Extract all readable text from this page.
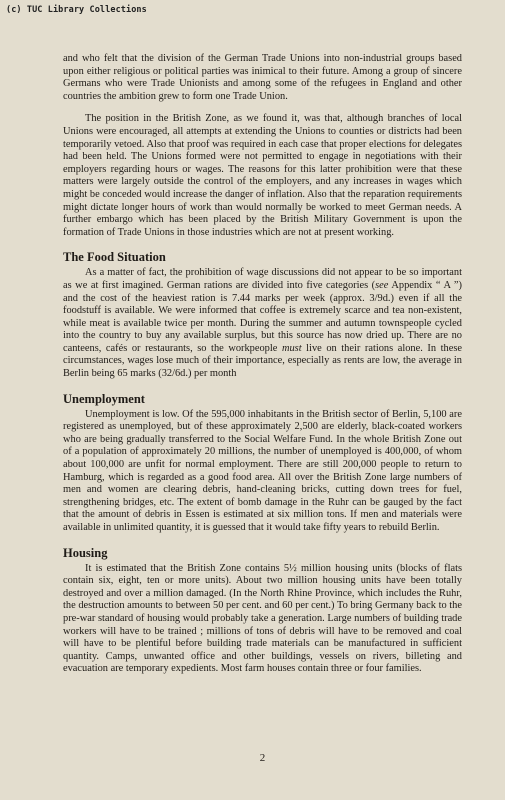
(c) TUC Library Collections

and who felt that the division of the German Trade Unions into non-industrial groups based upon either religious or political parties was inimical to their future. Among a group of sincere Germans who were Trade Unionists and among some of the refugees in England and other countries the ambition grew to form one Trade Union.

The position in the British Zone, as we found it, was that, although branches of local Unions were encouraged, all attempts at extending the Unions to counties or districts had been temporarily vetoed. Also that proof was required in each case that proper elections for delegates had been held. The Unions formed were not permitted to engage in negotiations with their employers regarding hours or wages. The reasons for this latter prohibition were that these matters were largely outside the control of the employers, and any increases in wages which might be conceded would increase the danger of inflation. Also that the reparation requirements might dictate longer hours of work than would normally be worked to meet German needs. A further embargo which has been placed by the British Military Government is upon the formation of Trade Unions in those industries which are not at present working.

The Food Situation

As a matter of fact, the prohibition of wage discussions did not appear to be so important as we at first imagined. German rations are divided into five categories (see Appendix “ A ”) and the cost of the heaviest ration is 7.44 marks per week (approx. 3/9d.) even if all the foodstuff is available. We were informed that coffee is extremely scarce and tea non-existent, while meat is available twice per month. During the summer and autumn townspeople cycled into the country to buy any available surplus, but this source has now dried up. There are no canteens, cafés or restaurants, so the workpeople must live on their rations alone. In these circumstances, wages lose much of their importance, especially as rents are low, the average in Berlin being 65 marks (32/6d.) per month

Unemployment

Unemployment is low. Of the 595,000 inhabitants in the British sector of Berlin, 5,100 are registered as unemployed, but of these approximately 2,500 are elderly, black-coated workers who are being gradually transferred to the Social Welfare Fund. In the whole British Zone out of a population of approximately 20 millions, the number of unemployed is 400,000, of whom about 100,000 are unfit for normal employment. There are still 200,000 people to return to Hamburg, which is regarded as a good food area. All over the British Zone large numbers of men and women are clearing debris, hand-cleaning bricks, cutting down trees for fuel, strengthening bridges, etc. The extent of bomb damage in the Ruhr can be gauged by the fact that the amount of debris in Essen is estimated at six million tons. If men and materials were available in unlimited quantity, it is guessed that it would take fifty years to rebuild Berlin.

Housing

It is estimated that the British Zone contains 5½ million housing units (blocks of flats contain six, eight, ten or more units). About two million housing units have been totally destroyed and over a million damaged. (In the North Rhine Province, which includes the Ruhr, the destruction amounts to between 50 per cent. and 60 per cent.) To bring Germany back to the pre-war standard of housing would probably take a generation. Large numbers of building trade workers will have to be trained ; millions of tons of debris will have to be removed and coal will have to be plentiful before building trade materials can be manufactured in sufficient quantity. Camps, unwanted office and other buildings, vessels on rivers, billeting and evacuation are temporary expedients. Most farm houses contain three or four families.

2
